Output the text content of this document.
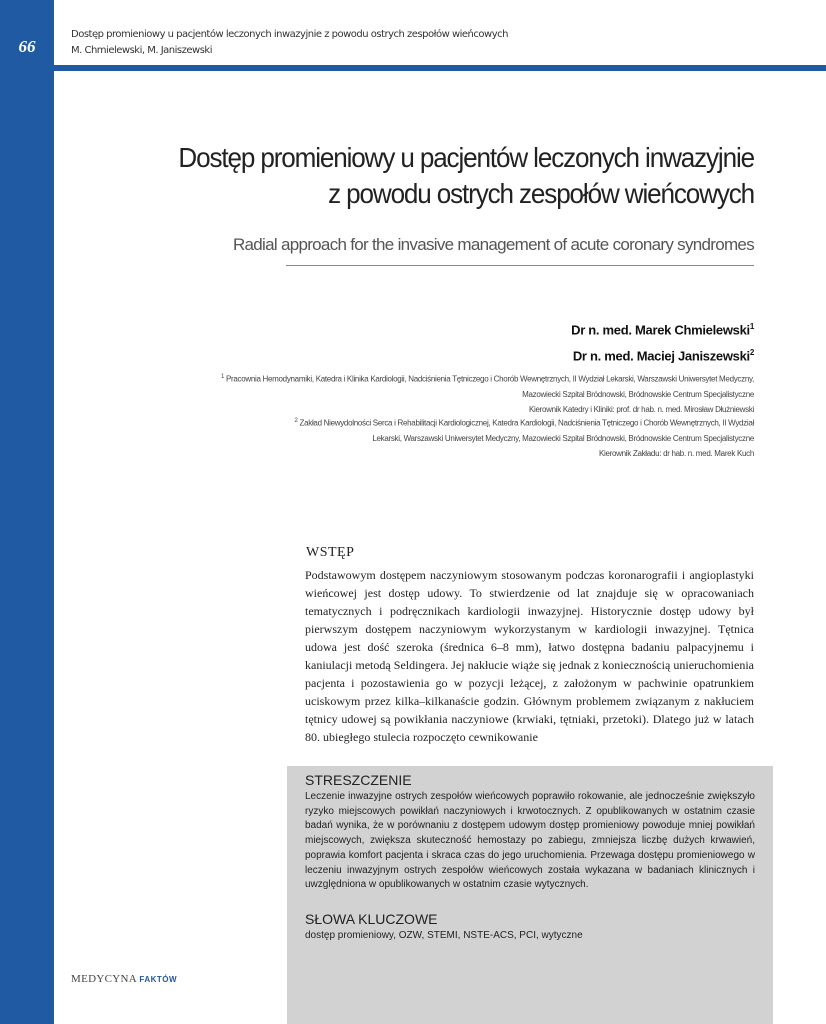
66
Dostęp promieniowy u pacjentów leczonych inwazyjnie z powodu ostrych zespołów wieńcowych
M. Chmielewski, M. Janiszewski
Dostęp promieniowy u pacjentów leczonych inwazyjnie
z powodu ostrych zespołów wieńcowych
Radial approach for the invasive management of acute coronary syndromes
Dr n. med. Marek Chmielewski$^1$
Dr n. med. Maciej Janiszewski$^2$
$^1$ Pracownia Hemodynamiki, Katedra i Klinika Kardiologii, Nadciśnienia Tętniczego i Chorób Wewnętrznych, II Wydział Lekarski, Warszawski Uniwersytet Medyczny,
Mazowiecki Szpital Bródnowski, Bródnowskie Centrum Specjalistyczne
Kierownik Katedry i Kliniki: prof. dr hab. n. med. Mirosław Dłużniewski
$^2$ Zakład Niewydolności Serca i Rehabilitacji Kardiologicznej, Katedra Kardiologii, Nadciśnienia Tętniczego i Chorób Wewnętrznych, II Wydział Lekarski, Warszawski Uniwersytet Medyczny, Mazowiecki Szpital Bródnowski, Bródnowskie Centrum Specjalistyczne
Kierownik Zakładu: dr hab. n. med. Marek Kuch
WSTĘP
Podstawowym dostępem naczyniowym stosowanym podczas koronarografii i angioplastyki wieńcowej jest dostęp udowy. To stwierdzenie od lat znajduje się w opracowaniach tematycznych i podręcznikach kardiologii inwazyjnej. Historycznie dostęp udowy był pierwszym dostępem naczyniowym wykorzystanym w kardiologii inwazyjnej. Tętnica udowa jest dość szeroka (średnica 6–8 mm), łatwo dostępna badaniu palpacyjnemu i kaniulacji metodą Seldingera. Jej nakłucie wiąże się jednak z koniecznością unieruchomienia pacjenta i pozostawienia go w pozycji leżącej, z założonym w pachwinie opatrunkiem uciskowym przez kilka–kilkanaście godzin. Głównym problemem związanym z nakłuciem tętnicy udowej są powikłania naczyniowe (krwiaki, tętniaki, przetoki). Dlatego już w latach 80. ubiegłego stulecia rozpoczęto cewnikowanie
STRESZCZENIE
Leczenie inwazyjne ostrych zespołów wieńcowych poprawiło rokowanie, ale jednocześnie zwiększyło ryzyko miejscowych powikłań naczyniowych i krwotocznych. Z opublikowanych w ostatnim czasie badań wynika, że w porównaniu z dostępem udowym dostęp promieniowy powoduje mniej powikłań miejscowych, zwiększa skuteczność hemostazy po zabiegu, zmniejsza liczbę dużych krwawień, poprawia komfort pacjenta i skraca czas do jego uruchomienia. Przewaga dostępu promieniowego w leczeniu inwazyjnym ostrych zespołów wieńcowych została wykazana w badaniach klinicznych i uwzględniona w opublikowanych w ostatnim czasie wytycznych.
SŁOWA KLUCZOWE
dostęp promieniowy, OZW, STEMI, NSTE-ACS, PCI, wytyczne
MEDYCYNA FAKTÓW
